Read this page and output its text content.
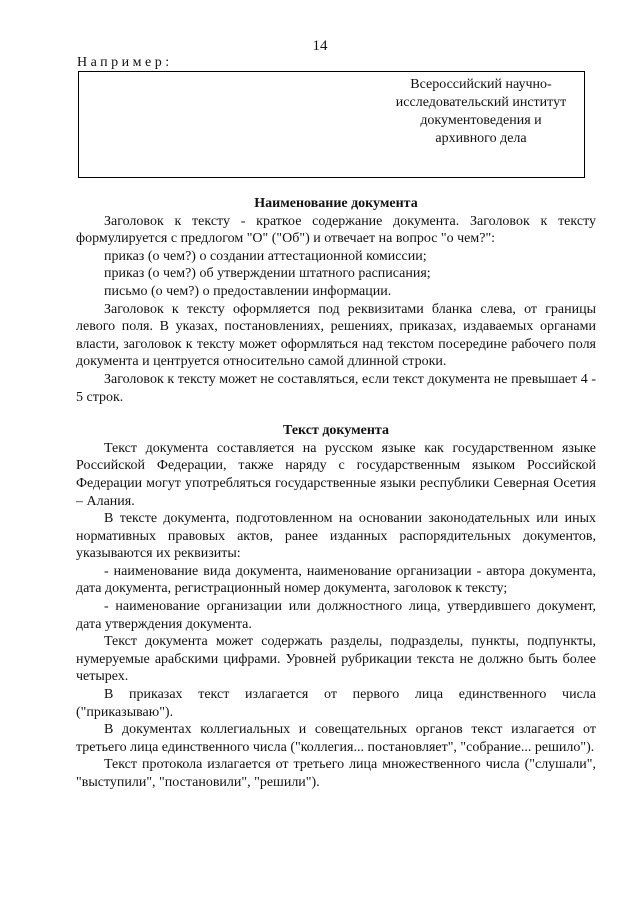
14
Например:
Всероссийский научно-
исследовательский институт
документоведения и
архивного дела

Наименование документа

Заголовок к тексту - краткое содержание документа. Заголовок к тексту формулируется с предлогом "О" ("Об") и отвечает на вопрос "о чем?":

приказ (о чем?) о создании аттестационной комиссии;

приказ (о чем?) об утверждении штатного расписания;

письмо (о чем?) о предоставлении информации.

Заголовок к тексту оформляется под реквизитами бланка слева, от границы левого поля. В указах, постановлениях, решениях, приказах, издаваемых органами власти, заголовок к тексту может оформляться над текстом посередине рабочего поля документа и центруется относительно самой длинной строки.

Заголовок к тексту может не составляться, если текст документа не превышает 4 - 5 строк.

Текст документа

Текст документа составляется на русском языке как государственном языке Российской Федерации, также наряду с государственным языком Российской Федерации могут употребляться государственные языки республики Северная Осетия – Алания.

В тексте документа, подготовленном на основании законодательных или иных нормативных правовых актов, ранее изданных распорядительных документов, указываются их реквизиты:

- наименование вида документа, наименование организации - автора документа, дата документа, регистрационный номер документа, заголовок к тексту;

- наименование организации или должностного лица, утвердившего документ, дата утверждения документа.

Текст документа может содержать разделы, подразделы, пункты, подпункты, нумеруемые арабскими цифрами. Уровней рубрикации текста не должно быть более четырех.

В приказах текст излагается от первого лица единственного числа ("приказываю").

В документах коллегиальных и совещательных органов текст излагается от третьего лица единственного числа ("коллегия... постановляет", "собрание... решило").

Текст протокола излагается от третьего лица множественного числа ("слушали", "выступили", "постановили", "решили").
